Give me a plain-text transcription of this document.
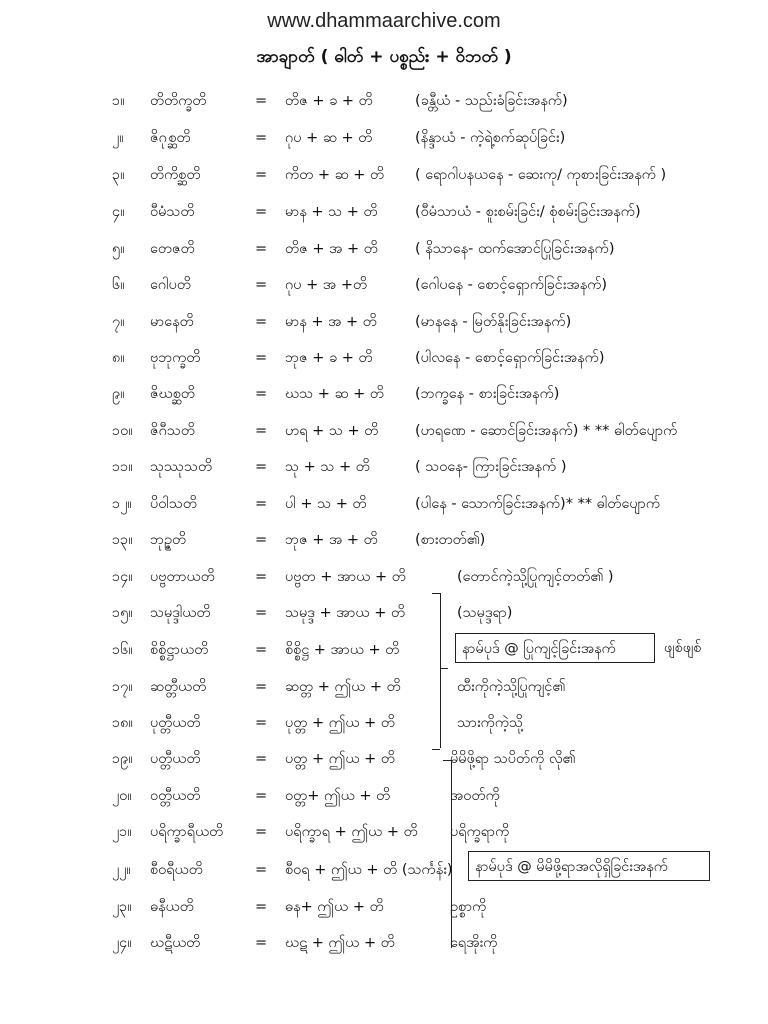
www.dhammaarchive.com
အာချာတ် ( ဓါတ် + ပစ္စည်း + ဝိဘတ် )
၁။ တိတိက္ခတိ	= တိဇ + ခ + တိ	(ခန္တီယံ - သည်းခံခြင်းအနက်)
၂။ ဇိဂုစ္ဆတိ	= ဂုပ + ဆ + တိ	(နိန္ဒာယံ - ကဲ့ရဲ့စက်ဆုပ်ခြင်း)
၃။ တိကိစ္ဆတိ	= ကိတ + ဆ + တိ ( ရောဂါပနယနေ - ဆေးကု/ ကုစားခြင်းအနက် )
၄။ ဝီမံသတိ	= မာန + သ + တိ	(ဝီမံသာယံ - စူးစမ်းခြင်း/ စုံစမ်းခြင်းအနက်)
၅။ တေဇတိ	= တိဇ + အ + တိ	( နိသာနေ- ထက်အောင်ပြုခြင်းအနက်)
၆။ ဂေါပတိ	= ဂုပ + အ +တိ	(ဂေါပနေ - စောင့်ရှောက်ခြင်းအနက်)
၇။ မာနေတိ	= မာန + အ + တိ	(မာနနေ - မြတ်နိုးခြင်းအနက်)
၈။ ဗုဘုက္ခတိ	= ဘုဇ + ခ + တိ	(ပါလနေ - စောင့်ရှောက်ခြင်းအနက်)
၉။ ဇိဃစ္ဆတိ	= ဃသ + ဆ + တိ (ဘက္ခနေ - စားခြင်းအနက်)
၁၀။ ဇိဂီသတိ	= ဟရ + သ + တိ	(ဟရဏေ - ဆောင်ခြင်းအနက်) * ** ဓါတ်ပျောက်
၁၁။ သုဿုသတိ	= သု + သ + တိ	( သဝနေ- ကြားခြင်းအနက် )
၁၂။ ပိဝါသတိ	= ပါ + သ + တိ	(ပါနေ - သောက်ခြင်းအနက်)* ** ဓါတ်ပျောက်
၁၃။ ဘုဥ္ဇတိ	= ဘုဇ + အ + တိ	(စားတတ်၏)
၁၄။ ပဗ္ဗတာယတိ	= ပဗ္ဗတ + အာယ + တိ	(တောင်ကဲ့သို့ပြုကျင့်တတ်၏ )
၁၅။ သမုဒ္ဒါယတိ	= သမုဒ္ဒ + အာယ + တိ	(သမုဒ္ဒရာ)
၁၆။ စိစ္စိဋ္ဌာယတိ	= စိစ္စိဋ္ဌ + အာယ + တိ
၁၇။ ဆတ္တီယတိ	= ဆတ္တ + ဤယ + တိ	ထီးကိုကဲ့သို့ပြုကျင့်၏
၁၈။ ပုတ္တီယတိ	= ပုတ္တ + ဤယ + တိ	သားကိုကဲ့သို့
၁၉။ ပတ္တီယတိ	= ပတ္တ + ဤယ + တိ	မိမိဖို့ရာ သပိတ်ကို လို၏
၂၀။ ဝတ္တီယတိ	= ဝတ္တ+ ဤယ + တိ	အဝတ်ကို
၂၁။ ပရိက္ခာရီယတိ = ပရိက္ခာရ + ဤယ + တိ ပရိက္ခရာကို
၂၂။ စီဝရီယတိ	= စီဝရ + ဤယ + တိ (သင်္ကန်း)
၂၃။ ဓနီယတိ	= ဓန+ ဤယ + တိ	ဥစ္စာကို
၂၄။ ဃဋီယတိ	= ဃဋ + ဤယ + တိ	ရေအိုးကို
နာမ်ပုဒ် @ ပြုကျင့်ခြင်းအနက်	ဖျစ်ဖျစ်
နာမ်ပုဒ် @ မိမိဖို့ရာအလိုရှိခြင်းအနက်
